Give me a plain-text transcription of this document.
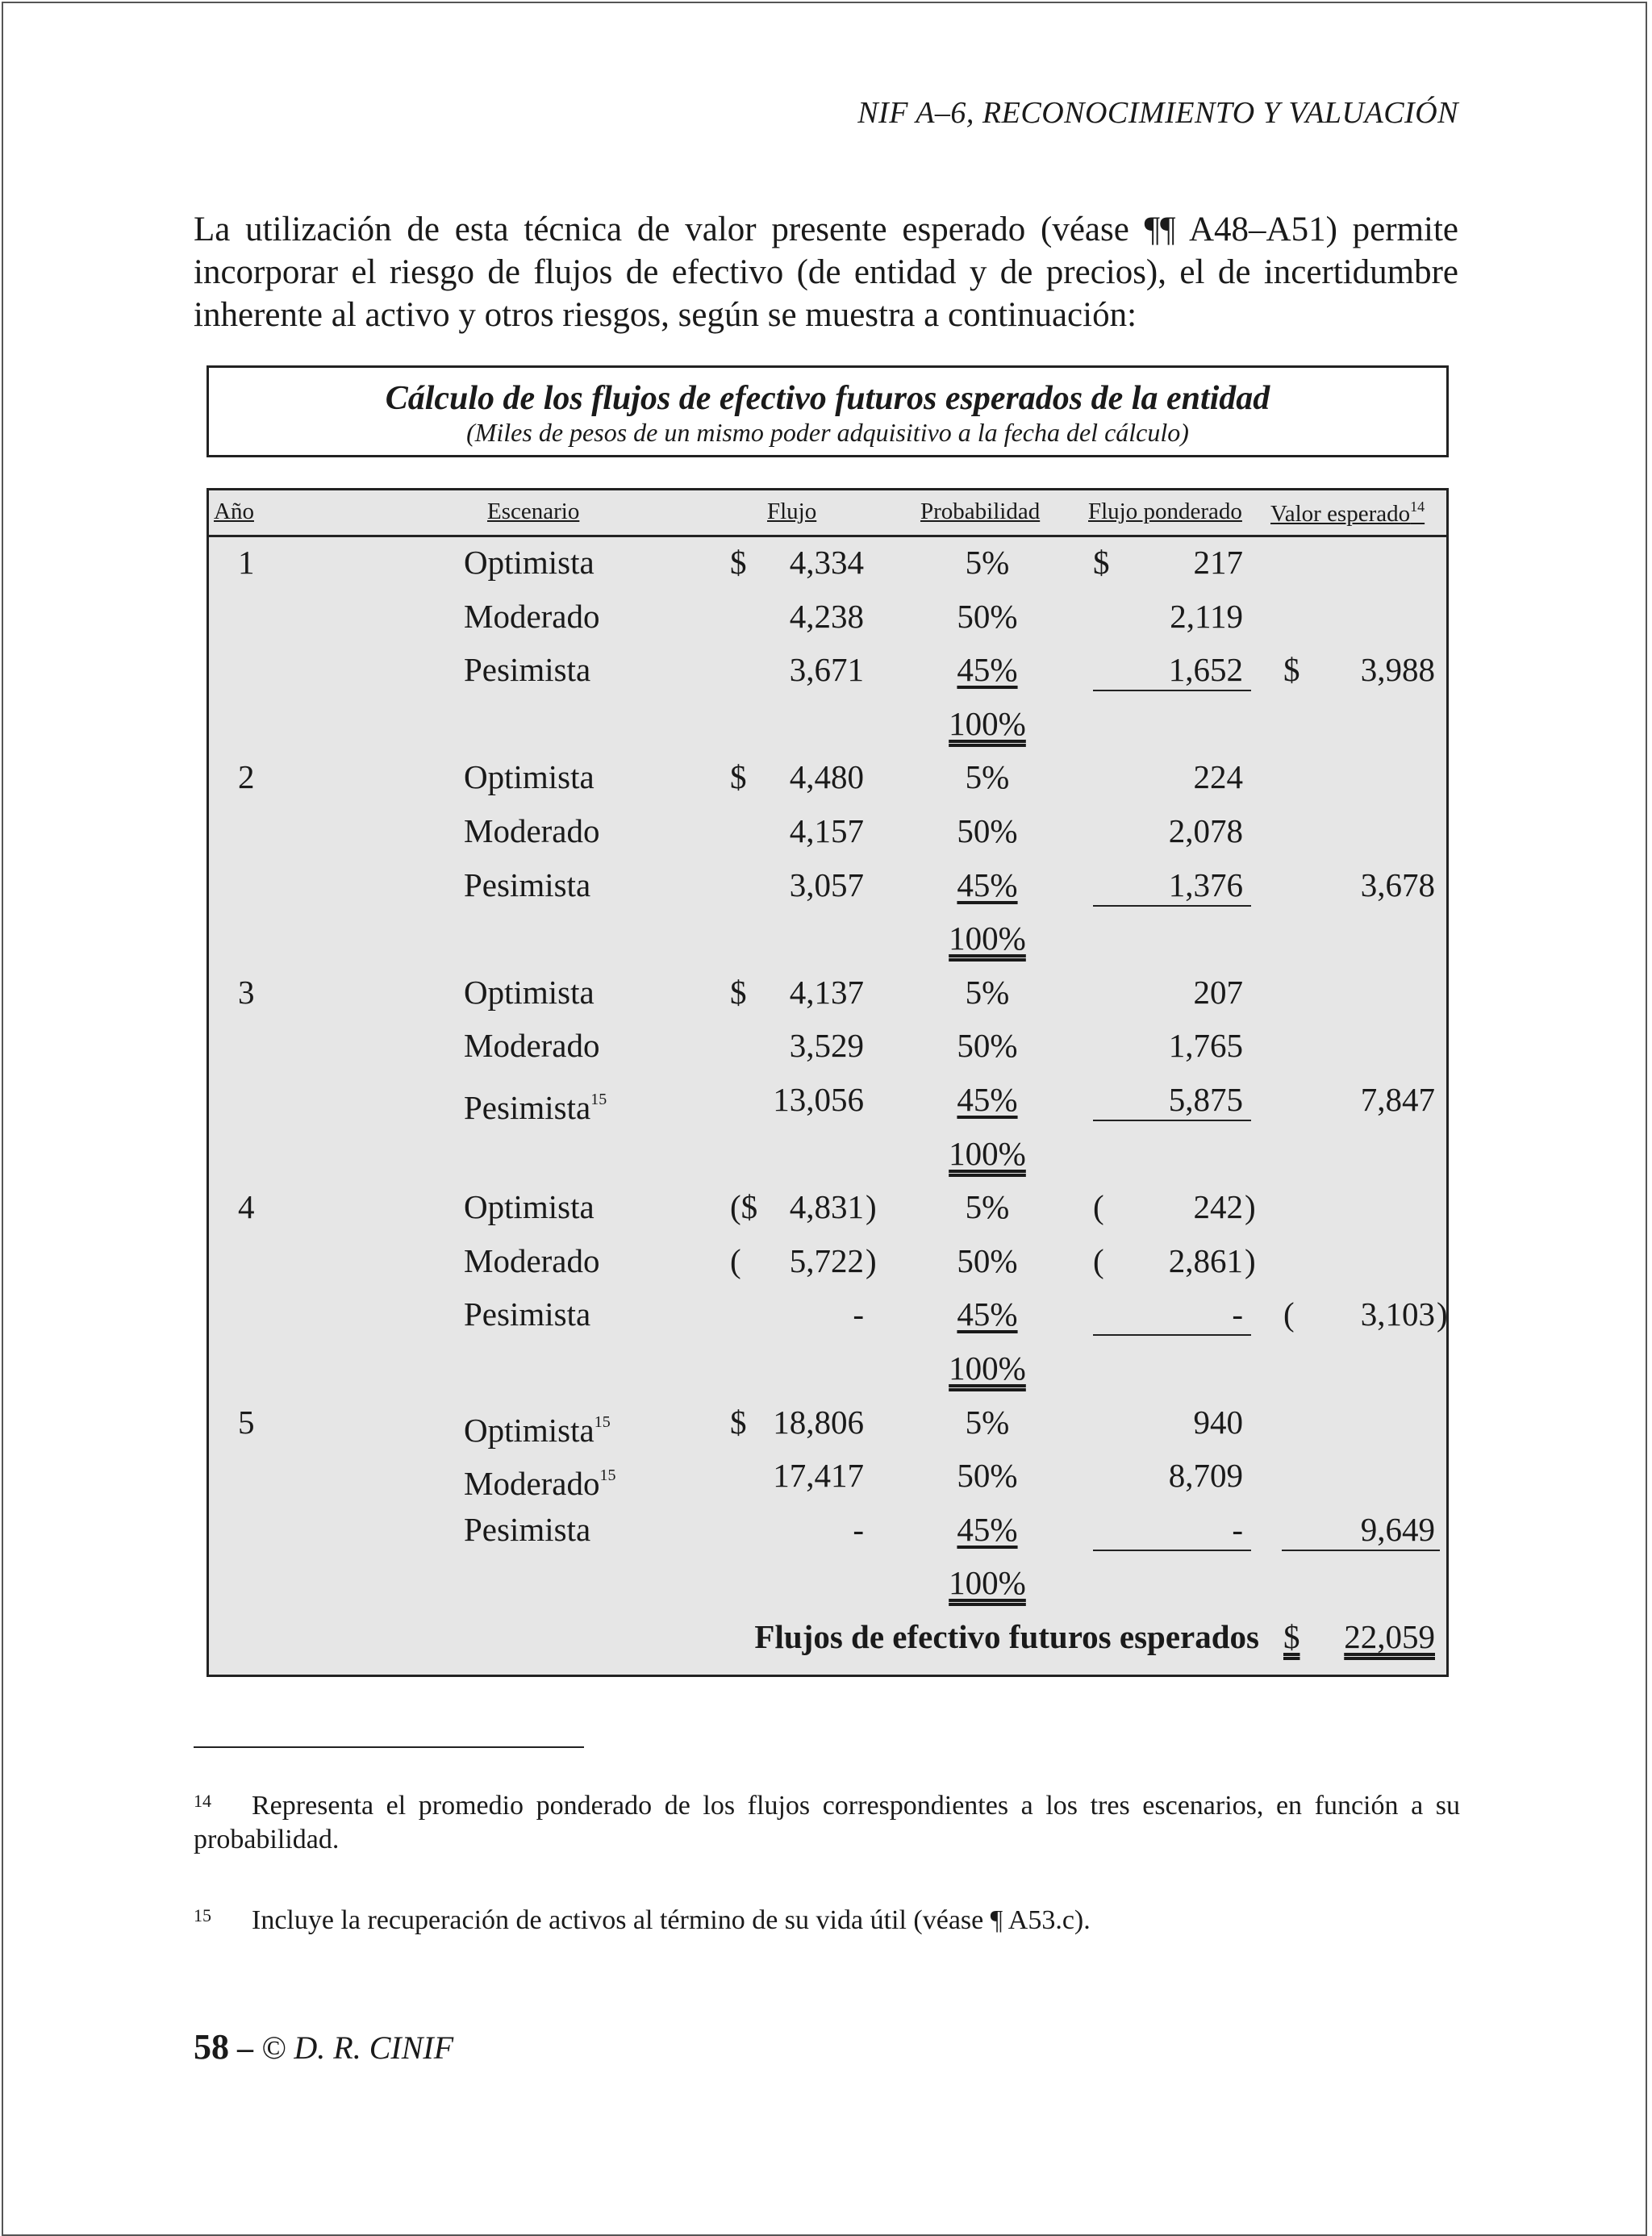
NIF A–6, RECONOCIMIENTO Y VALUACIÓN

La utilización de esta técnica de valor presente esperado (véase ¶¶ A48–A51) permite incorporar el riesgo de flujos de efectivo (de entidad y de precios), el de incertidumbre inherente al activo y otros riesgos, según se muestra a continuación:

Cálculo de los flujos de efectivo futuros esperados de la entidad
(Miles de pesos de un mismo poder adquisitivo a la fecha del cálculo)
Año	Escenario	Flujo	Probabilidad Flujo ponderado Valor esperado$^{14}$
1	Optimista	$ 4,334	5%	$	217
Moderado	4,238	50%	2,119
Pesimista	3,671	45%	1,652 $ 3,988
100%
2	Optimista	$ 4,480	5%	224
Moderado	4,157	50%	2,078
Pesimista	3,057	45%	1,376	3,678
100%
3	Optimista	$ 4,137	5%	207
Moderado	3,529	50%	1,765
Pesimista$^{15}$	13,056	45%	5,875	7,847
100%
4	Optimista	($ 4,831 )	5%	(	242 )
Moderado	( 5,722 )	50%	( 2,861 )
Pesimista	-	45%	- ( 3,103 )
100%
5	Optimista$^{15}$	$ 18,806	5%	940
Moderado$^{15}$	17,417	50%	8,709
Pesimista	-	45%	-	9,649
100%
Flujos de efectivo futuros esperados $ 22,059
14	Representa el promedio ponderado de los flujos correspondientes a los tres escenarios, en función a su probabilidad.

15	Incluye la recuperación de activos al término de su vida útil (véase ¶ A53.c).

58 – © D. R. CINIF
